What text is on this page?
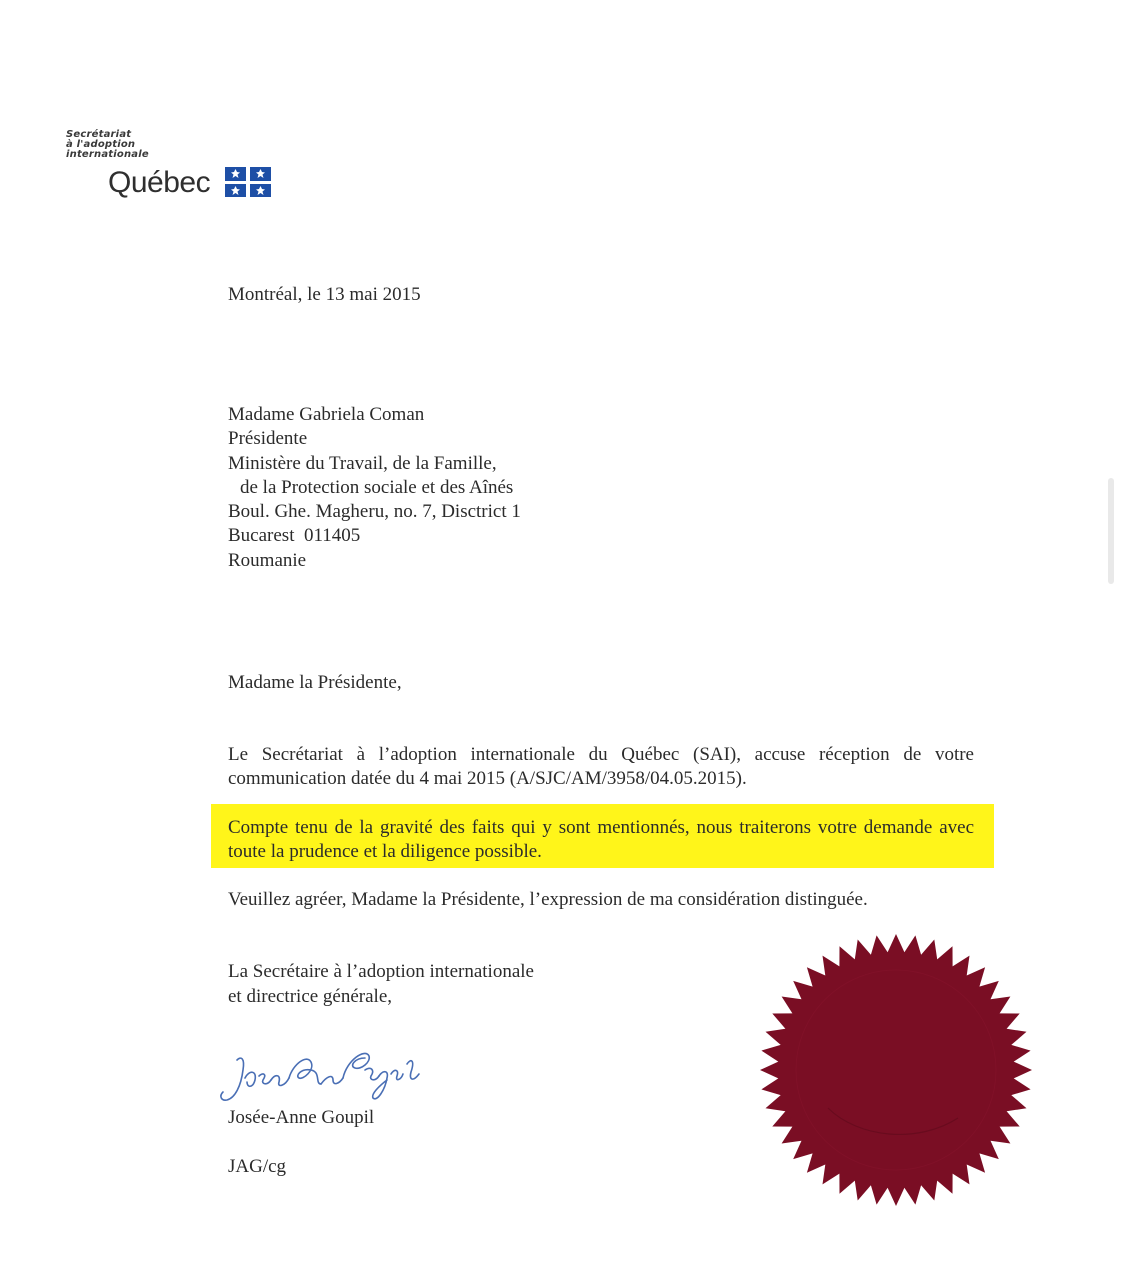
Secrétariat
à l'adoption
internationale
Québec
Montréal, le 13 mai 2015
Madame Gabriela Coman
Présidente
Ministère du Travail, de la Famille,
de la Protection sociale et des Aînés
Boul. Ghe. Magheru, no. 7, Disctrict 1
Bucarest  011405
Roumanie
Madame la Présidente,
Le Secrétariat à l’adoption internationale du Québec (SAI), accuse réception de votre communication datée du 4 mai 2015 (A/SJC/AM/3958/04.05.2015).
Compte tenu de la gravité des faits qui y sont mentionnés, nous traiterons votre demande avec toute la prudence et la diligence possible.
Veuillez agréer, Madame la Présidente, l’expression de ma considération distinguée.
La Secrétaire à l’adoption internationale
et directrice générale,
Josée-Anne Goupil
JAG/cg
